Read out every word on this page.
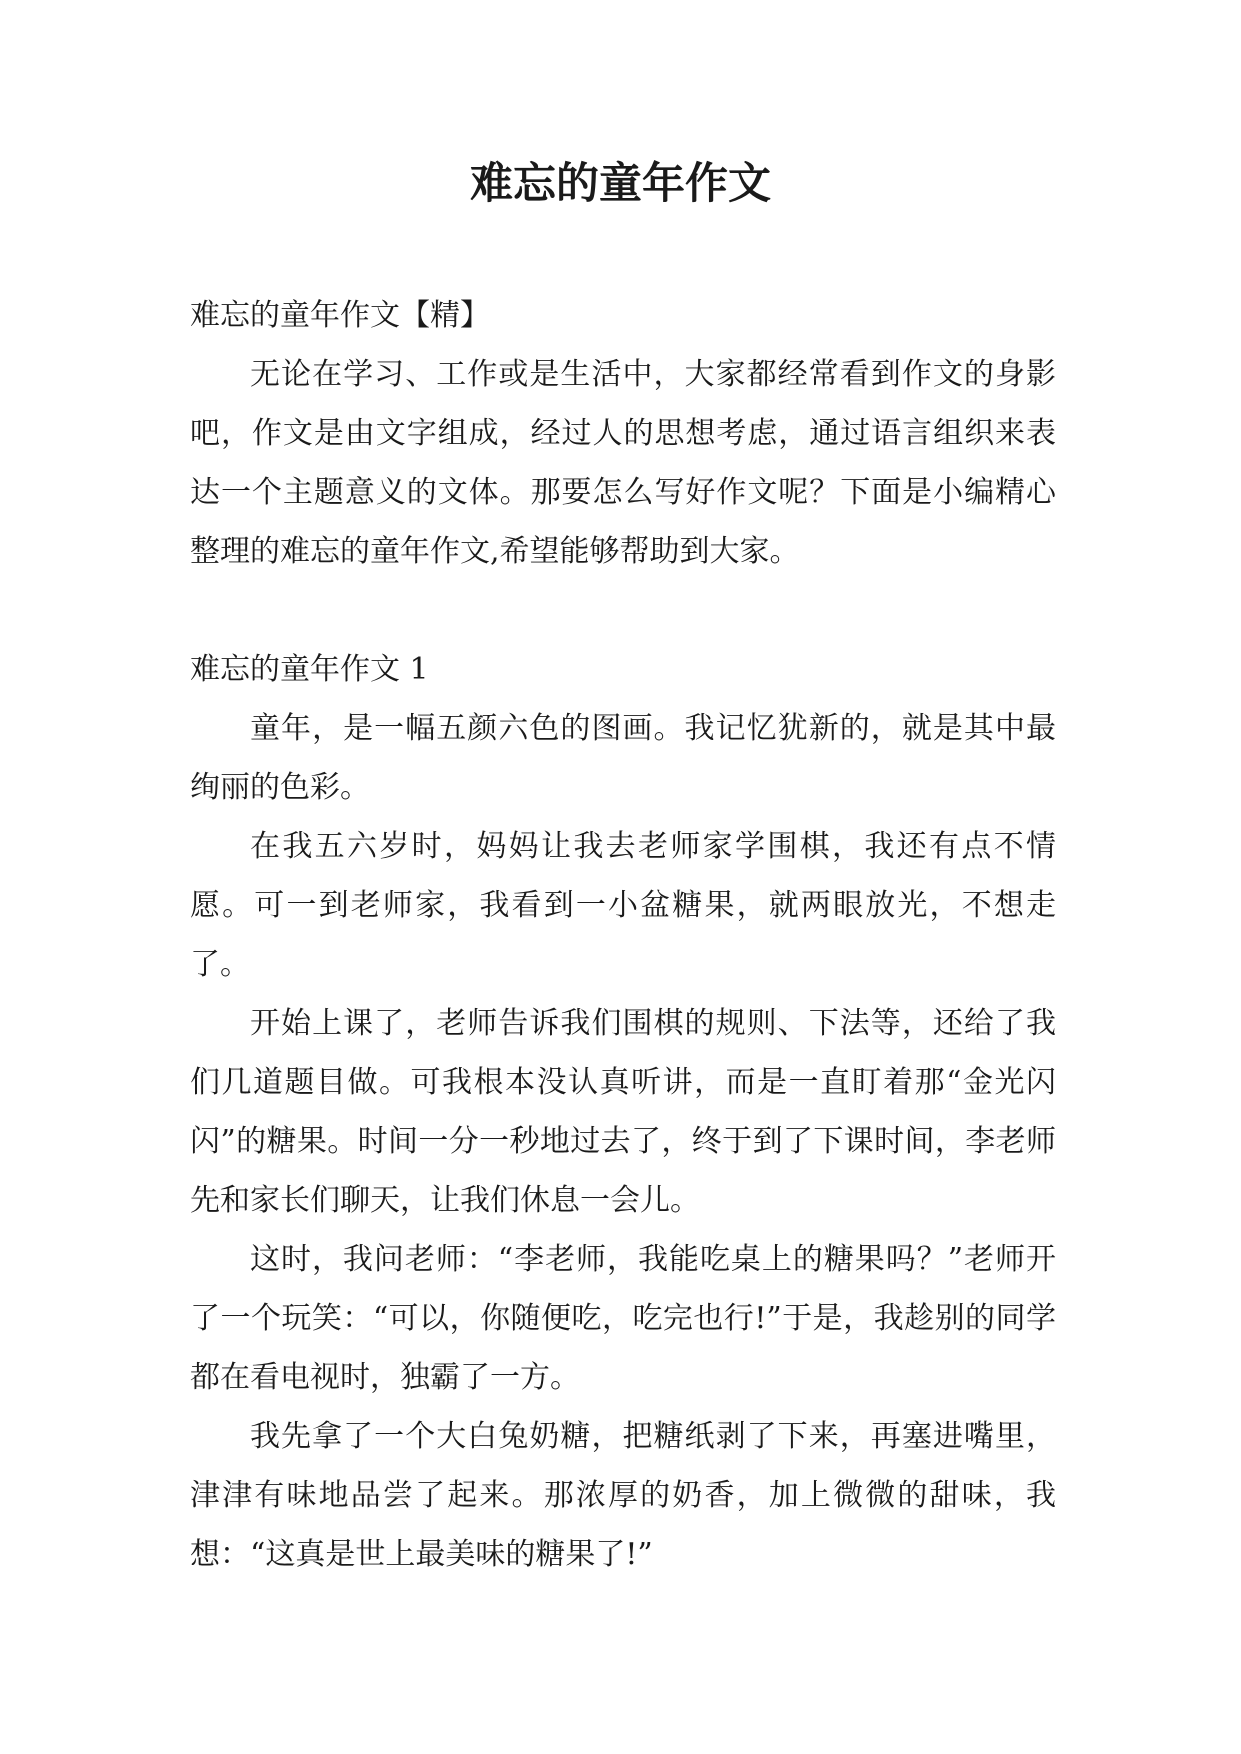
难忘的童年作文

难忘的童年作文【精】

无论在学习、工作或是生活中，大家都经常看到作文的身影吧，作文是由文字组成，经过人的思想考虑，通过语言组织来表达一个主题意义的文体。那要怎么写好作文呢？下面是小编精心整理的难忘的童年作文,希望能够帮助到大家。

难忘的童年作文 1

童年，是一幅五颜六色的图画。我记忆犹新的，就是其中最绚丽的色彩。

在我五六岁时，妈妈让我去老师家学围棋，我还有点不情愿。可一到老师家，我看到一小盆糖果，就两眼放光，不想走了。

开始上课了，老师告诉我们围棋的规则、下法等，还给了我们几道题目做。可我根本没认真听讲，而是一直盯着那“金光闪闪”的糖果。时间一分一秒地过去了，终于到了下课时间，李老师先和家长们聊天，让我们休息一会儿。

这时，我问老师：“李老师，我能吃桌上的糖果吗？”老师开了一个玩笑：“可以，你随便吃，吃完也行!”于是，我趁别的同学都在看电视时，独霸了一方。

我先拿了一个大白兔奶糖，把糖纸剥了下来，再塞进嘴里，津津有味地品尝了起来。那浓厚的奶香，加上微微的甜味，我想：“这真是世上最美味的糖果了!”
